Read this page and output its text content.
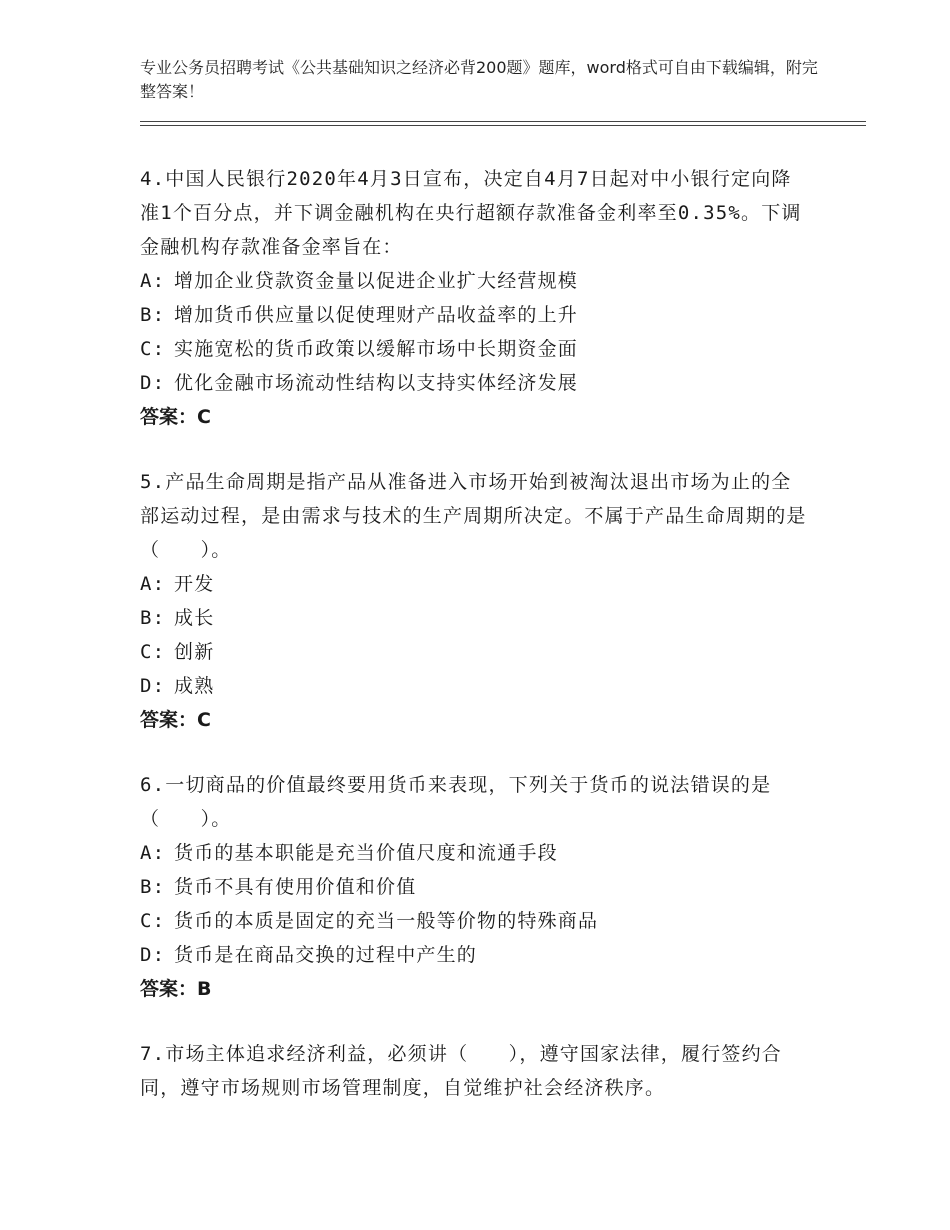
专业公务员招聘考试《公共基础知识之经济必背200题》题库，word格式可自由下载编辑，附完整答案！
4.中国人民银行2020年4月3日宣布，决定自4月7日起对中小银行定向降准1个百分点，并下调金融机构在央行超额存款准备金利率至0.35%。下调金融机构存款准备金率旨在：
A: 增加企业贷款资金量以促进企业扩大经营规模
B: 增加货币供应量以促使理财产品收益率的上升
C: 实施宽松的货币政策以缓解市场中长期资金面
D: 优化金融市场流动性结构以支持实体经济发展
答案：C
5.产品生命周期是指产品从准备进入市场开始到被淘汰退出市场为止的全部运动过程，是由需求与技术的生产周期所决定。不属于产品生命周期的是（　　）。
A: 开发
B: 成长
C: 创新
D: 成熟
答案：C
6.一切商品的价值最终要用货币来表现，下列关于货币的说法错误的是（　　）。
A: 货币的基本职能是充当价值尺度和流通手段
B: 货币不具有使用价值和价值
C: 货币的本质是固定的充当一般等价物的特殊商品
D: 货币是在商品交换的过程中产生的
答案：B
7.市场主体追求经济利益，必须讲（　　），遵守国家法律，履行签约合同，遵守市场规则市场管理制度，自觉维护社会经济秩序。
